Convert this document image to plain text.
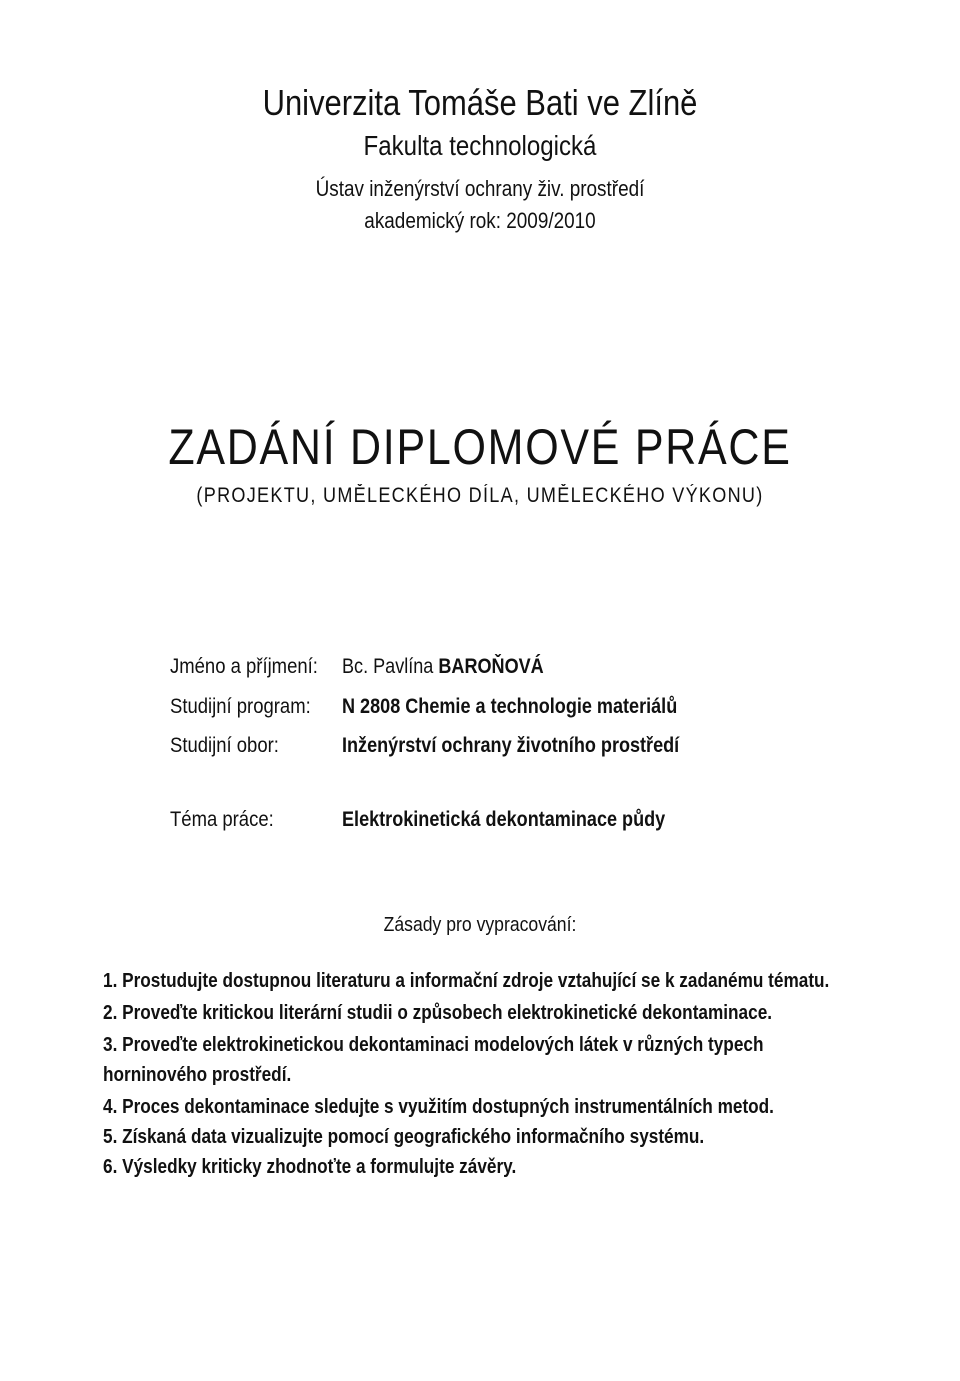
Univerzita Tomáše Bati ve Zlíně
Fakulta technologická
Ústav inženýrství ochrany živ. prostředí
akademický rok: 2009/2010
ZADÁNÍ DIPLOMOVÉ PRÁCE
(PROJEKTU, UMĚLECKÉHO DÍLA, UMĚLECKÉHO VÝKONU)
Jméno a příjmení: Bc. Pavlína BAROŇOVÁ
Studijní program: N 2808 Chemie a technologie materiálů
Studijní obor:	Inženýrství ochrany životního prostředí
Téma práce:	Elektrokinetická dekontaminace půdy
Zásady pro vypracování:
1. Prostudujte dostupnou literaturu a informační zdroje vztahující se k zadanému tématu.
2. Proveďte kritickou literární studii o způsobech elektrokinetické dekontaminace.
3. Proveďte elektrokinetickou dekontaminaci modelových látek v různých typech
horninového prostředí.
4. Proces dekontaminace sledujte s využitím dostupných instrumentálních metod.
5. Získaná data vizualizujte pomocí geografického informačního systému.
6. Výsledky kriticky zhodnoťte a formulujte závěry.
